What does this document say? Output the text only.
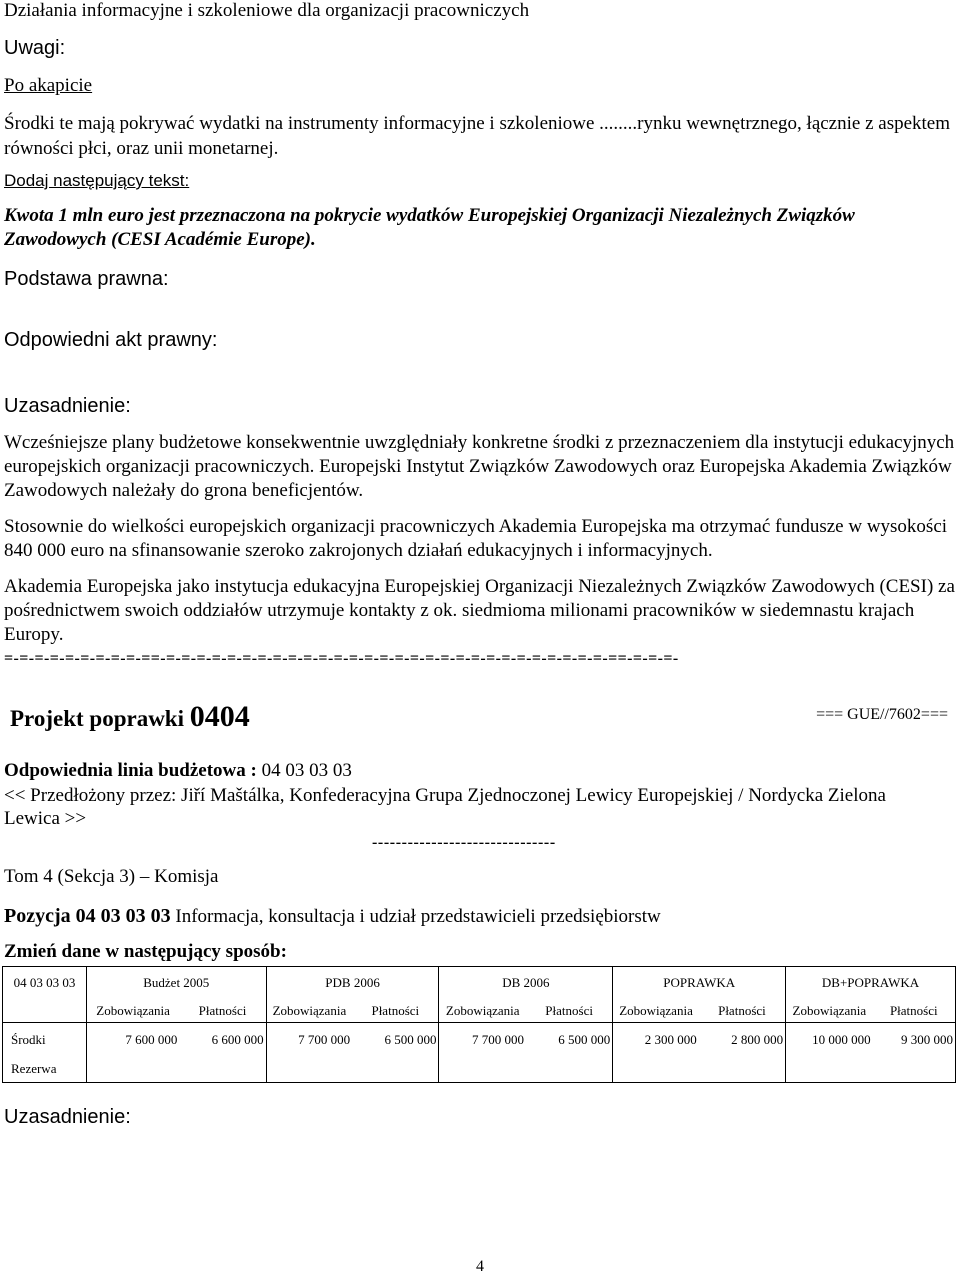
Działania informacyjne i szkoleniowe dla organizacji pracowniczych
Uwagi:
Po akapicie
Środki te mają pokrywać wydatki na instrumenty informacyjne i szkoleniowe ........rynku wewnętrznego, łącznie z aspektem równości płci, oraz unii monetarnej.
Dodaj następujący tekst:
Kwota 1 mln euro jest przeznaczona na pokrycie wydatków Europejskiej Organizacji Niezależnych Związków Zawodowych (CESI Académie Europe).
Podstawa prawna:
Odpowiedni akt prawny:
Uzasadnienie:
Wcześniejsze plany budżetowe konsekwentnie uwzględniały konkretne środki z przeznaczeniem dla instytucji edukacyjnych europejskich organizacji pracowniczych. Europejski Instytut Związków Zawodowych oraz Europejska Akademia Związków Zawodowych należały do grona beneficjentów.
Stosownie do wielkości europejskich organizacji pracowniczych Akademia Europejska ma otrzymać fundusze w wysokości 840 000 euro na sfinansowanie szeroko zakrojonych działań edukacyjnych i informacyjnych.
Akademia Europejska jako instytucja edukacyjna Europejskiej Organizacji Niezależnych Związków Zawodowych (CESI) za pośrednictwem swoich oddziałów utrzymuje kontakty z ok. siedmioma milionami pracowników w siedemnastu krajach Europy.
=-=-=-=-=-=-=-=-=-==-=-=-=-=-=-=-=-=-=-=-=-=-=-=-=-=-=-=-=-=-=-=-=-=-=-=-=-=-=-==-=-=-=-
Projekt poprawki 0404	=== GUE//7602===
Odpowiednia linia budżetowa : 04 03 03 03
<< Przedłożony przez: Jiří Maštálka, Konfederacyjna Grupa Zjednoczonej Lewicy Europejskiej / Nordycka Zielona Lewica >>
-------------------------------
Tom 4 (Sekcja 3) – Komisja
Pozycja 04 03 03 03 Informacja, konsultacja i udział przedstawicieli przedsiębiorstw
Zmień dane w następujący sposób:
04 03 03 03	Budżet 2005		PDB 2006		DB 2006		POPRAWKA		DB+POPRAWKA	
	Zobowiązania	Płatności	Zobowiązania	Płatności	Zobowiązania	Płatności	Zobowiązania	Płatności	Zobowiązania	Płatności
Środki	7 600 000	6 600 000	7 700 000	6 500 000	7 700 000	6 500 000	2 300 000	2 800 000	10 000 000	9 300 000
Rezerwa										
Uzasadnienie:
4
